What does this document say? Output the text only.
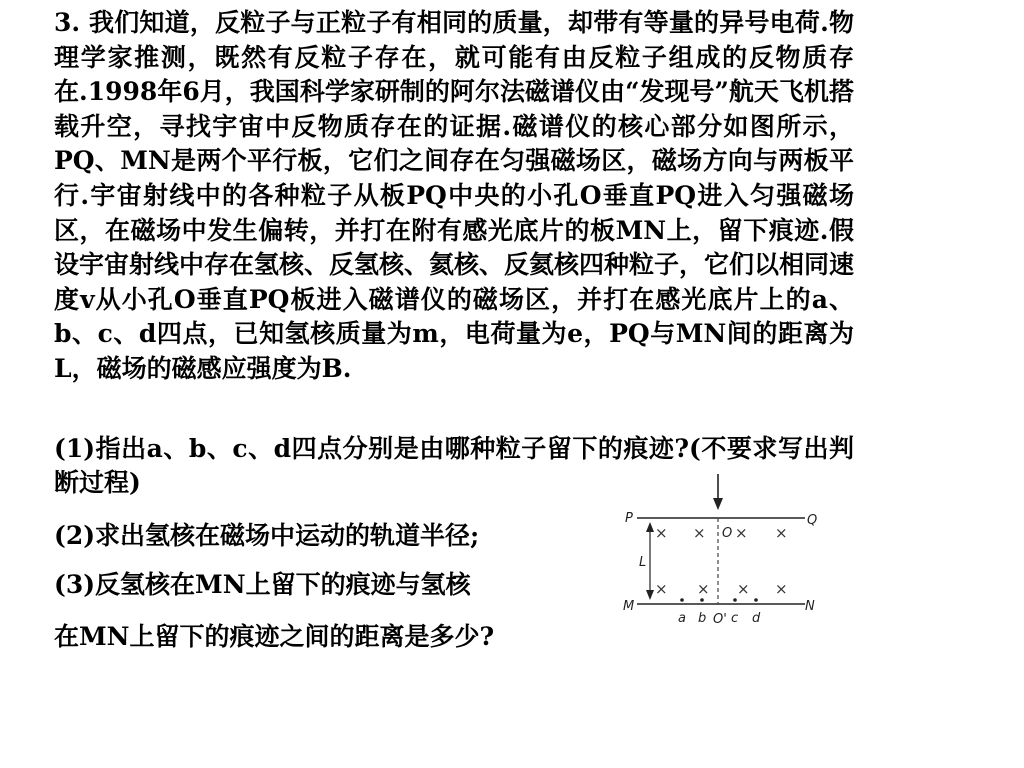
3. 我们知道，反粒子与正粒子有相同的质量，却带有等量的异号电荷.物理学家推测，既然有反粒子存在，就可能有由反粒子组成的反物质存在.1998年6月，我国科学家研制的阿尔法磁谱仪由“发现号”航天飞机搭载升空，寻找宇宙中反物质存在的证据.磁谱仪的核心部分如图所示，PQ、MN是两个平行板，它们之间存在匀强磁场区，磁场方向与两板平行.宇宙射线中的各种粒子从板PQ中央的小孔O垂直PQ进入匀强磁场区，在磁场中发生偏转，并打在附有感光底片的板MN上，留下痕迹.假设宇宙射线中存在氢核、反氢核、氦核、反氦核四种粒子，它们以相同速度v从小孔O垂直PQ板进入磁谱仪的磁场区，并打在感光底片上的a、b、c、d四点，已知氢核质量为m，电荷量为e，PQ与MN间的距离为L，磁场的磁感应强度为B.
(1)指出a、b、c、d四点分别是由哪种粒子留下的痕迹?(不要求写出判断过程)
(2)求出氢核在磁场中运动的轨道半径;
(3)反氢核在MN上留下的痕迹与氢核
在MN上留下的痕迹之间的距离是多少?
P	Q
M	N
O
L
O'
a b c d
× × × ×
× × × ×
